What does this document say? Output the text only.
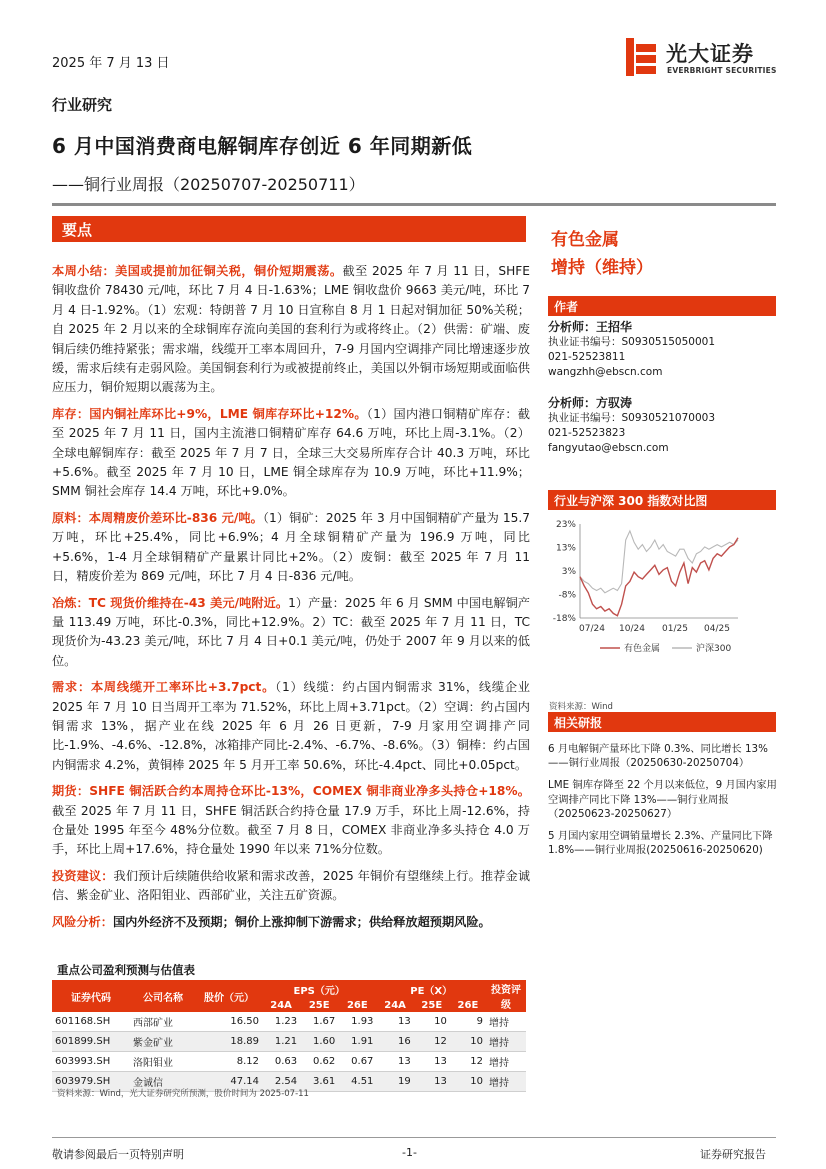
2025 年 7 月 13 日	光大证券
EVERBRIGHT SECURITIES
行业研究
6 月中国消费商电解铜库存创近 6 年同期新低
——铜行业周报（20250707-20250711）
要点

本周小结：美国或提前加征铜关税，铜价短期震荡。截至 2025 年 7 月 11 日，SHFE 铜收盘价 78430 元/吨，环比 7 月 4 日-1.63%；LME 铜收盘价 9663 美元/吨，环比 7 月 4 日-1.92%。（1）宏观：特朗普 7 月 10 日宣称自 8 月 1 日起对铜加征 50%关税；自 2025 年 2 月以来的全球铜库存流向美国的套利行为或将终止。（2）供需：矿端、废铜后续仍维持紧张；需求端，线缆开工率本周回升，7-9 月国内空调排产同比增速逐步放缓，需求后续有走弱风险。美国铜套利行为或被提前终止，美国以外铜市场短期或面临供应压力，铜价短期以震荡为主。

库存：国内铜社库环比+9%，LME 铜库存环比+12%。（1）国内港口铜精矿库存：截至 2025 年 7 月 11 日，国内主流港口铜精矿库存 64.6 万吨，环比上周-3.1%。（2）全球电解铜库存：截至 2025 年 7 月 7 日，全球三大交易所库存合计 40.3 万吨，环比+5.6%。截至 2025 年 7 月 10 日，LME 铜全球库存为 10.9 万吨，环比+11.9%；SMM 铜社会库存 14.4 万吨，环比+9.0%。

原料：本周精废价差环比-836 元/吨。（1）铜矿：2025 年 3 月中国铜精矿产量为 15.7 万吨，环比+25.4%，同比+6.9%；4 月全球铜精矿产量为 196.9 万吨，同比+5.6%，1-4 月全球铜精矿产量累计同比+2%。（2）废铜：截至 2025 年 7 月 11 日，精废价差为 869 元/吨，环比 7 月 4 日-836 元/吨。

冶炼：TC 现货价维持在-43 美元/吨附近。1）产量：2025 年 6 月 SMM 中国电解铜产量 113.49 万吨，环比-0.3%，同比+12.9%。2）TC：截至 2025 年 7 月 11 日，TC 现货价为-43.23 美元/吨，环比 7 月 4 日+0.1 美元/吨，仍处于 2007 年 9 月以来的低位。

需求：本周线缆开工率环比+3.7pct。（1）线缆：约占国内铜需求 31%，线缆企业 2025 年 7 月 10 日当周开工率为 71.52%，环比上周+3.71pct。（2）空调：约占国内铜需求 13%，据产业在线 2025 年 6 月 26 日更新，7-9 月家用空调排产同比-1.9%、-4.6%、-12.8%，冰箱排产同比-2.4%、-6.7%、-8.6%。（3）铜棒：约占国内铜需求 4.2%，黄铜棒 2025 年 5 月开工率 50.6%，环比-4.4pct、同比+0.05pct。

期货：SHFE 铜活跃合约本周持仓环比-13%，COMEX 铜非商业净多头持仓+18%。截至 2025 年 7 月 11 日，SHFE 铜活跃合约持仓量 17.9 万手，环比上周-12.6%，持仓量处 1995 年至今 48%分位数。截至 7 月 8 日，COMEX 非商业净多头持仓 4.0 万手，环比上周+17.6%，持仓量处 1990 年以来 71%分位数。

投资建议：我们预计后续随供给收紧和需求改善，2025 年铜价有望继续上行。推荐金诚信、紫金矿业、洛阳钼业、西部矿业，关注五矿资源。

风险分析：国内外经济不及预期；铜价上涨抑制下游需求；供给释放超预期风险。

重点公司盈利预测与估值表
证券代码	公司名称	股价（元）	EPS（元）			PE（X）			投资评级
			24A	25E	26E	24A	25E	26E	
601168.SH	西部矿业	16.50	1.23	1.67	1.93	13	10	9	增持
601899.SH	紫金矿业	18.89	1.21	1.60	1.91	16	12	10	增持
603993.SH	洛阳钼业	8.12	0.63	0.62	0.67	13	13	12	增持
603979.SH	金诚信	47.14	2.54	3.61	4.51	19	13	10	增持
资料来源：Wind，光大证券研究所预测，股价时间为 2025-07-11
有色金属
增持（维持）
作者
分析师：王招华
执业证书编号：S0930515050001
021-52523811
wangzhh@ebscn.com
分析师：方驭涛
执业证书编号：S0930521070003
021-52523823
fangyutao@ebscn.com
行业与沪深 300 指数对比图
23%
13%
3%
-8%
-18%
07/24 10/24 01/25 04/25
有色金属	沪深300
资料来源：Wind
相关研报

6 月电解铜产量环比下降 0.3%、同比增长 13%——铜行业周报（20250630-20250704）

LME 铜库存降至 22 个月以来低位，9 月国内家用空调排产同比下降 13%——铜行业周报（20250623-20250627）

5 月国内家用空调销量增长 2.3%、产量同比下降 1.8%——铜行业周报(20250616-20250620)

敬请参阅最后一页特别声明	-1-	证券研究报告
